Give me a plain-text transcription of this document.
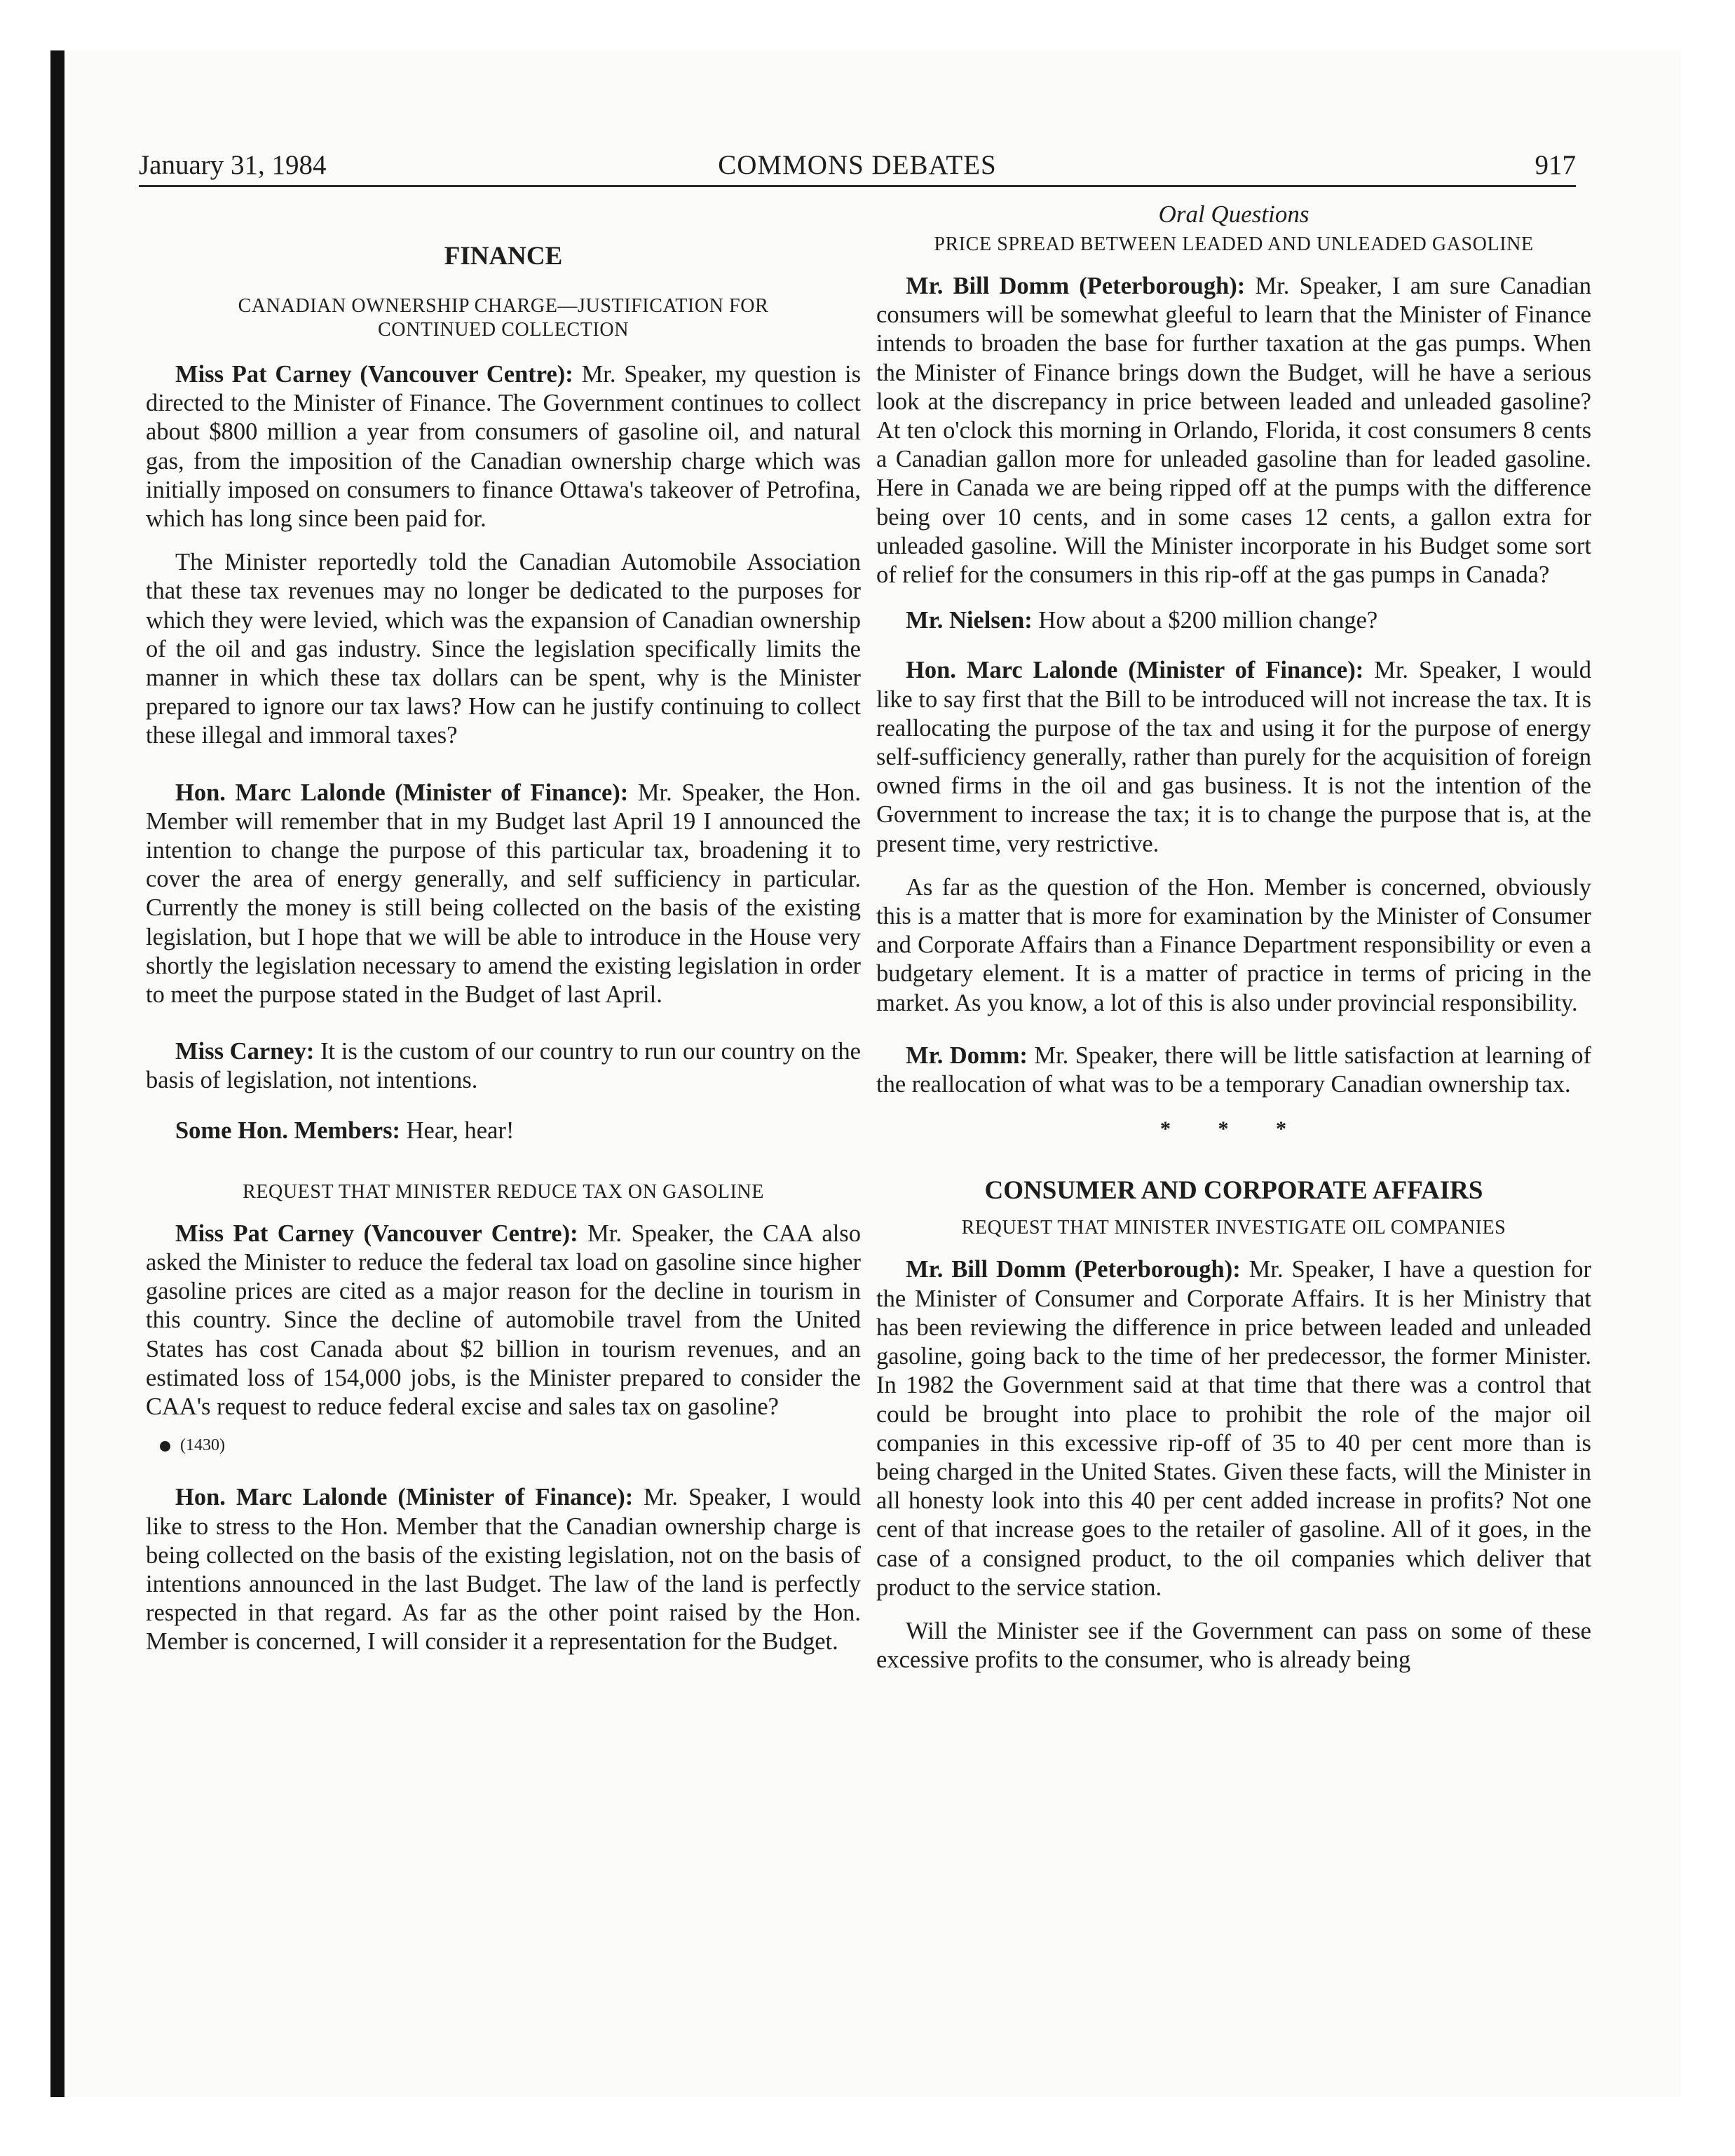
January 31, 1984	COMMONS DEBATES	917
FINANCE
CANADIAN OWNERSHIP CHARGE—JUSTIFICATION FOR CONTINUED COLLECTION

Miss Pat Carney (Vancouver Centre): Mr. Speaker, my question is directed to the Minister of Finance. The Government continues to collect about $800 million a year from consumers of gasoline oil, and natural gas, from the imposition of the Canadian ownership charge which was initially imposed on consumers to finance Ottawa's takeover of Petrofina, which has long since been paid for.

The Minister reportedly told the Canadian Automobile Association that these tax revenues may no longer be dedicated to the purposes for which they were levied, which was the expansion of Canadian ownership of the oil and gas industry. Since the legislation specifically limits the manner in which these tax dollars can be spent, why is the Minister prepared to ignore our tax laws? How can he justify continuing to collect these illegal and immoral taxes?

Hon. Marc Lalonde (Minister of Finance): Mr. Speaker, the Hon. Member will remember that in my Budget last April 19 I announced the intention to change the purpose of this particular tax, broadening it to cover the area of energy generally, and self sufficiency in particular. Currently the money is still being collected on the basis of the existing legislation, but I hope that we will be able to introduce in the House very shortly the legislation necessary to amend the existing legislation in order to meet the purpose stated in the Budget of last April.

Miss Carney: It is the custom of our country to run our country on the basis of legislation, not intentions.

Some Hon. Members: Hear, hear!

REQUEST THAT MINISTER REDUCE TAX ON GASOLINE

Miss Pat Carney (Vancouver Centre): Mr. Speaker, the CAA also asked the Minister to reduce the federal tax load on gasoline since higher gasoline prices are cited as a major reason for the decline in tourism in this country. Since the decline of automobile travel from the United States has cost Canada about $2 billion in tourism revenues, and an estimated loss of 154,000 jobs, is the Minister prepared to consider the CAA's request to reduce federal excise and sales tax on gasoline?

(1430)

Hon. Marc Lalonde (Minister of Finance): Mr. Speaker, I would like to stress to the Hon. Member that the Canadian ownership charge is being collected on the basis of the existing legislation, not on the basis of intentions announced in the last Budget. The law of the land is perfectly respected in that regard. As far as the other point raised by the Hon. Member is concerned, I will consider it a representation for the Budget.

Oral Questions
PRICE SPREAD BETWEEN LEADED AND UNLEADED GASOLINE

Mr. Bill Domm (Peterborough): Mr. Speaker, I am sure Canadian consumers will be somewhat gleeful to learn that the Minister of Finance intends to broaden the base for further taxation at the gas pumps. When the Minister of Finance brings down the Budget, will he have a serious look at the discrepancy in price between leaded and unleaded gasoline? At ten o'clock this morning in Orlando, Florida, it cost consumers 8 cents a Canadian gallon more for unleaded gasoline than for leaded gasoline. Here in Canada we are being ripped off at the pumps with the difference being over 10 cents, and in some cases 12 cents, a gallon extra for unleaded gasoline. Will the Minister incorporate in his Budget some sort of relief for the consumers in this rip-off at the gas pumps in Canada?

Mr. Nielsen: How about a $200 million change?

Hon. Marc Lalonde (Minister of Finance): Mr. Speaker, I would like to say first that the Bill to be introduced will not increase the tax. It is reallocating the purpose of the tax and using it for the purpose of energy self-sufficiency generally, rather than purely for the acquisition of foreign owned firms in the oil and gas business. It is not the intention of the Government to increase the tax; it is to change the purpose that is, at the present time, very restrictive.

As far as the question of the Hon. Member is concerned, obviously this is a matter that is more for examination by the Minister of Consumer and Corporate Affairs than a Finance Department responsibility or even a budgetary element. It is a matter of practice in terms of pricing in the market. As you know, a lot of this is also under provincial responsibility.

Mr. Domm: Mr. Speaker, there will be little satisfaction at learning of the reallocation of what was to be a temporary Canadian ownership tax.

* * *
CONSUMER AND CORPORATE AFFAIRS
REQUEST THAT MINISTER INVESTIGATE OIL COMPANIES

Mr. Bill Domm (Peterborough): Mr. Speaker, I have a question for the Minister of Consumer and Corporate Affairs. It is her Ministry that has been reviewing the difference in price between leaded and unleaded gasoline, going back to the time of her predecessor, the former Minister. In 1982 the Government said at that time that there was a control that could be brought into place to prohibit the role of the major oil companies in this excessive rip-off of 35 to 40 per cent more than is being charged in the United States. Given these facts, will the Minister in all honesty look into this 40 per cent added increase in profits? Not one cent of that increase goes to the retailer of gasoline. All of it goes, in the case of a consigned product, to the oil companies which deliver that product to the service station.

Will the Minister see if the Government can pass on some of these excessive profits to the consumer, who is already being
